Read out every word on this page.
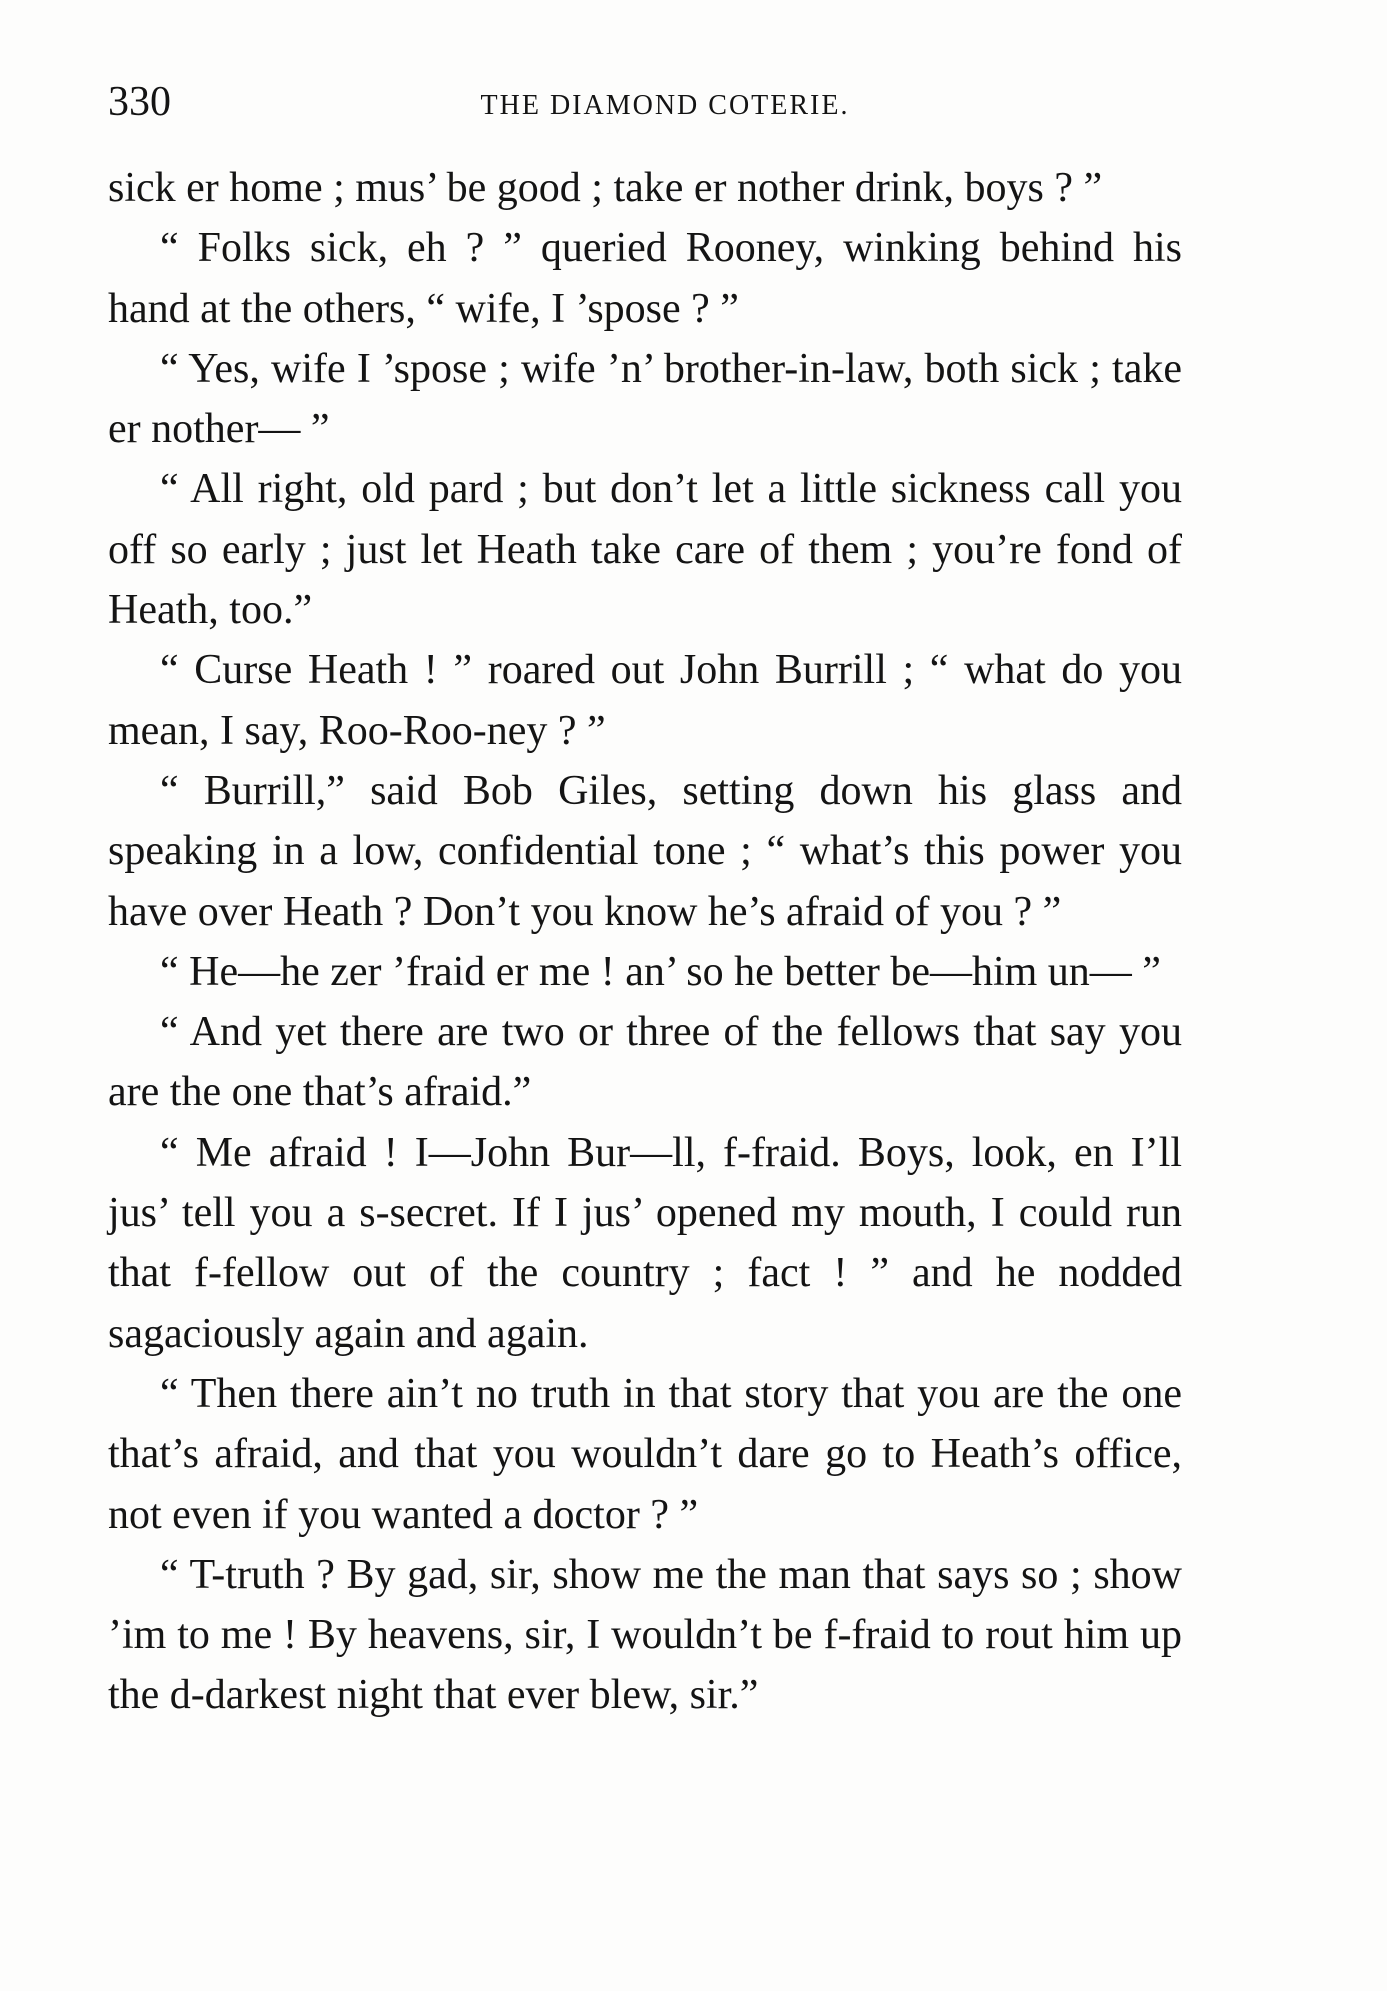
330	THE DIAMOND COTERIE.

sick er home ; mus’ be good ; take er nother drink, boys ? ”

“ Folks sick, eh ? ” queried Rooney, winking behind his hand at the others, “ wife, I ’spose ? ”

“ Yes, wife I ’spose ; wife ’n’ brother-in-law, both sick ; take er nother— ”

“ All right, old pard ; but don’t let a little sickness call you off so early ; just let Heath take care of them ; you’re fond of Heath, too.”

“ Curse Heath ! ” roared out John Burrill ; “ what do you mean, I say, Roo-Roo-ney ? ”

“ Burrill,” said Bob Giles, setting down his glass and speaking in a low, confidential tone ; “ what’s this power you have over Heath ? Don’t you know he’s afraid of you ? ”

“ He—he zer ’fraid er me ! an’ so he better be—him un— ”

“ And yet there are two or three of the fellows that say you are the one that’s afraid.”

“ Me afraid ! I—John Bur—ll, f-fraid. Boys, look, en I’ll jus’ tell you a s-secret. If I jus’ opened my mouth, I could run that f-fellow out of the country ; fact ! ” and he nodded sagaciously again and again.

“ Then there ain’t no truth in that story that you are the one that’s afraid, and that you wouldn’t dare go to Heath’s office, not even if you wanted a doctor ? ”

“ T-truth ? By gad, sir, show me the man that says so ; show ’im to me ! By heavens, sir, I wouldn’t be f-fraid to rout him up the d-darkest night that ever blew, sir.”
